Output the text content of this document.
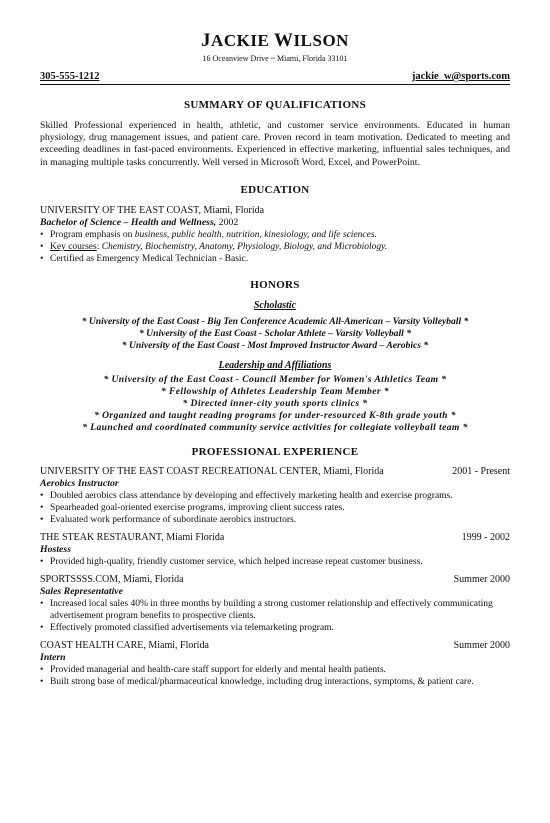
JACKIE WILSON
16 Oceanview Drive ~ Miami, Florida 33101
305-555-1212	jackie_w@sports.com
SUMMARY OF QUALIFICATIONS
Skilled Professional experienced in health, athletic, and customer service environments. Educated in human physiology, drug management issues, and patient care. Proven record in team motivation. Dedicated to meeting and exceeding deadlines in fast-paced environments. Experienced in effective marketing, influential sales techniques, and in managing multiple tasks concurrently. Well versed in Microsoft Word, Excel, and PowerPoint.
EDUCATION
UNIVERSITY OF THE EAST COAST, Miami, Florida
Bachelor of Science – Health and Wellness, 2002
• Program emphasis on business, public health, nutrition, kinesiology, and life sciences.
• Key courses: Chemistry, Biochemistry, Anatomy, Physiology, Biology, and Microbiology.
• Certified as Emergency Medical Technician - Basic.
HONORS
Scholastic
* University of the East Coast - Big Ten Conference Academic All-American – Varsity Volleyball *
* University of the East Coast - Scholar Athlete – Varsity Volleyball *
* University of the East Coast - Most Improved Instructor Award – Aerobics *
Leadership and Affiliations
* University of the East Coast - Council Member for Women's Athletics Team *
* Fellowship of Athletes Leadership Team Member *
* Directed inner-city youth sports clinics *
* Organized and taught reading programs for under-resourced K-8th grade youth *
* Launched and coordinated community service activities for collegiate volleyball team *
PROFESSIONAL EXPERIENCE
UNIVERSITY OF THE EAST COAST RECREATIONAL CENTER, Miami, Florida	2001 - Present
Aerobics Instructor
• Doubled aerobics class attendance by developing and effectively marketing health and exercise programs.
• Spearheaded goal-oriented exercise programs, improving client success rates.
• Evaluated work performance of subordinate aerobics instructors.
THE STEAK RESTAURANT, Miami Florida	1999 - 2002
Hostess
• Provided high-quality, friendly customer service, which helped increase repeat customer business.
SPORTSSSS.COM, Miami, Florida	Summer 2000
Sales Representative
• Increased local sales 40% in three months by building a strong customer relationship and effectively communicating advertisement program benefits to prospective clients.
• Effectively promoted classified advertisements via telemarketing program.
COAST HEALTH CARE, Miami, Florida	Summer 2000
Intern
• Provided managerial and health-care staff support for elderly and mental health patients.
• Built strong base of medical/pharmaceutical knowledge, including drug interactions, symptoms, & patient care.
